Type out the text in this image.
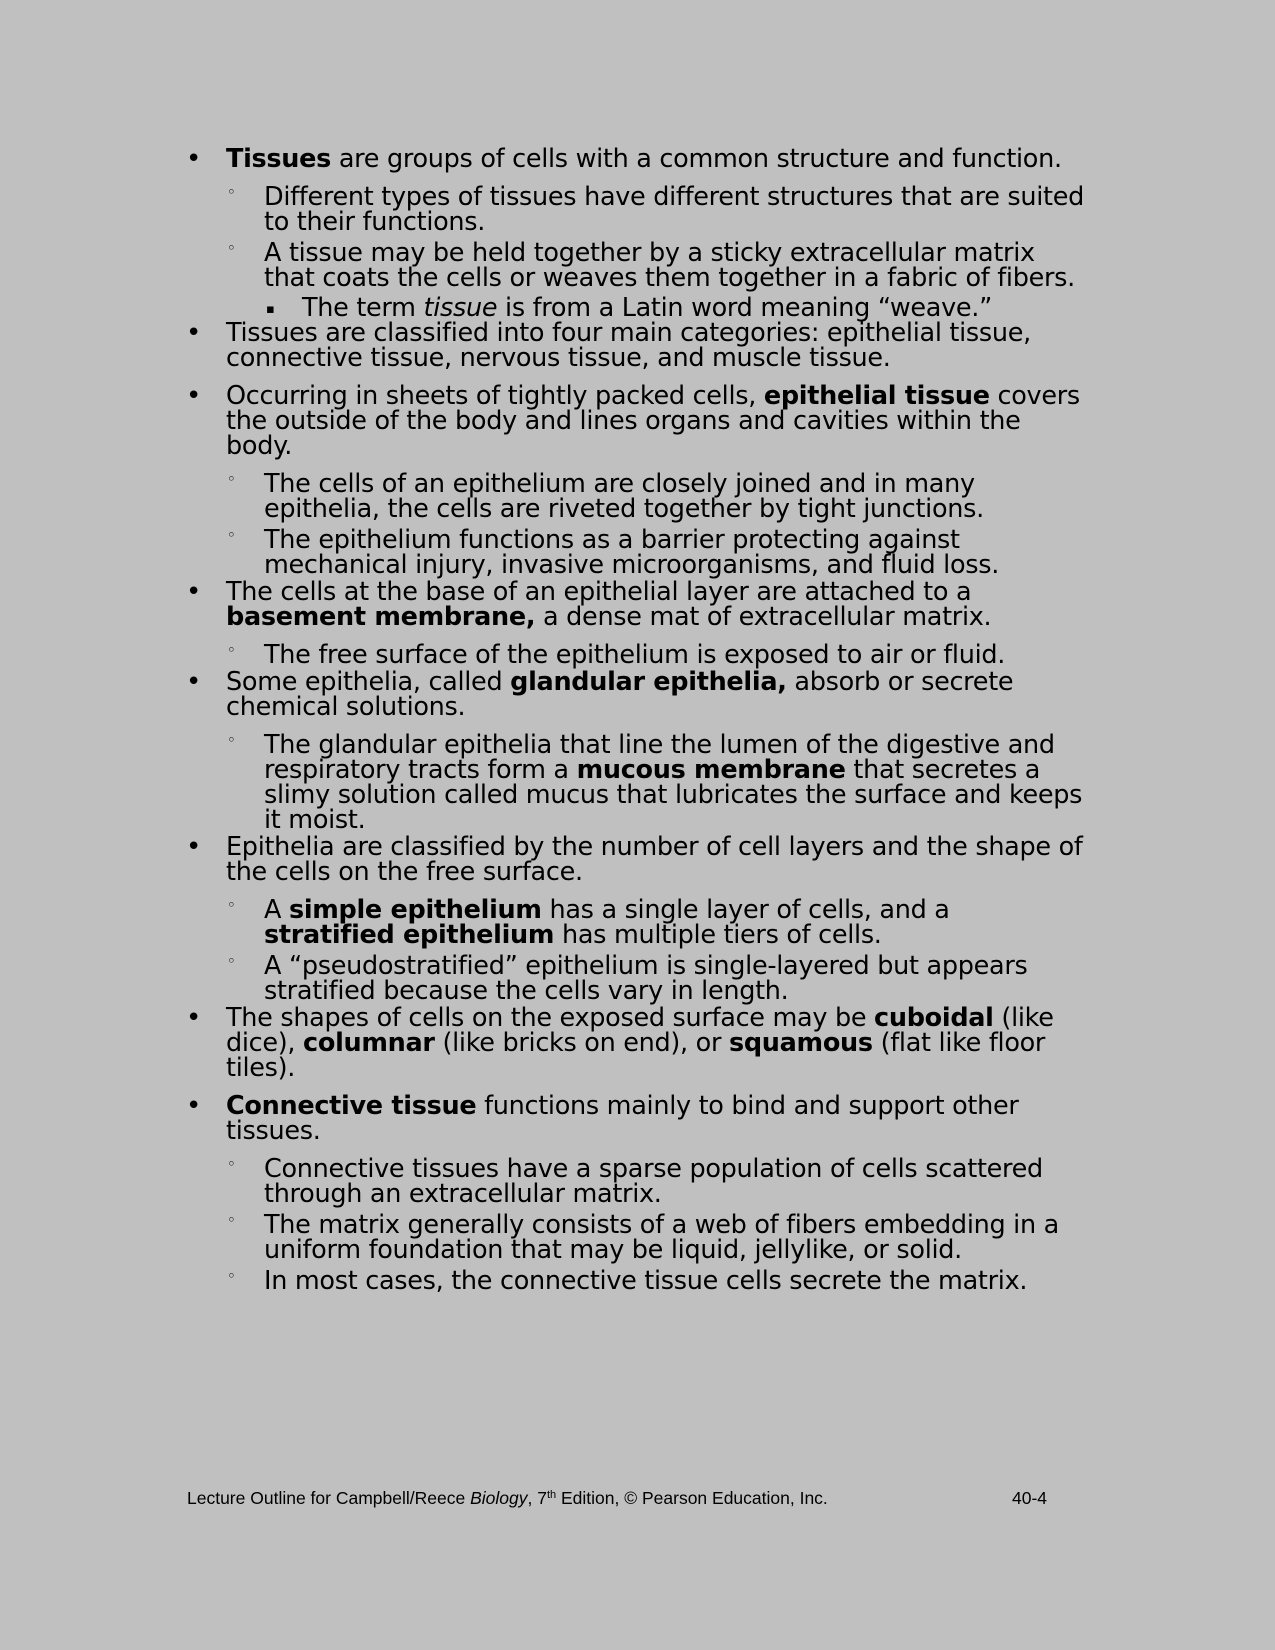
• Tissues are groups of cells with a common structure and function.
◦ Different types of tissues have different structures that are suited to their functions.
◦ A tissue may be held together by a sticky extracellular matrix that coats the cells or weaves them together in a fabric of fibers.
▪ The term tissue is from a Latin word meaning “weave.”
• Tissues are classified into four main categories: epithelial tissue, connective tissue, nervous tissue, and muscle tissue.
• Occurring in sheets of tightly packed cells, epithelial tissue covers the outside of the body and lines organs and cavities within the body.
◦ The cells of an epithelium are closely joined and in many epithelia, the cells are riveted together by tight junctions.
◦ The epithelium functions as a barrier protecting against mechanical injury, invasive microorganisms, and fluid loss.
• The cells at the base of an epithelial layer are attached to a basement membrane, a dense mat of extracellular matrix.
◦ The free surface of the epithelium is exposed to air or fluid.
• Some epithelia, called glandular epithelia, absorb or secrete chemical solutions.
◦ The glandular epithelia that line the lumen of the digestive and respiratory tracts form a mucous membrane that secretes a slimy solution called mucus that lubricates the surface and keeps it moist.
• Epithelia are classified by the number of cell layers and the shape of the cells on the free surface.
◦ A simple epithelium has a single layer of cells, and a stratified epithelium has multiple tiers of cells.
◦ A “pseudostratified” epithelium is single-layered but appears stratified because the cells vary in length.
• The shapes of cells on the exposed surface may be cuboidal (like dice), columnar (like bricks on end), or squamous (flat like floor tiles).
• Connective tissue functions mainly to bind and support other tissues.
◦ Connective tissues have a sparse population of cells scattered through an extracellular matrix.
◦ The matrix generally consists of a web of fibers embedding in a uniform foundation that may be liquid, jellylike, or solid.
◦ In most cases, the connective tissue cells secrete the matrix.
Lecture Outline for Campbell/Reece Biology, 7th Edition, © Pearson Education, Inc.	40-4
